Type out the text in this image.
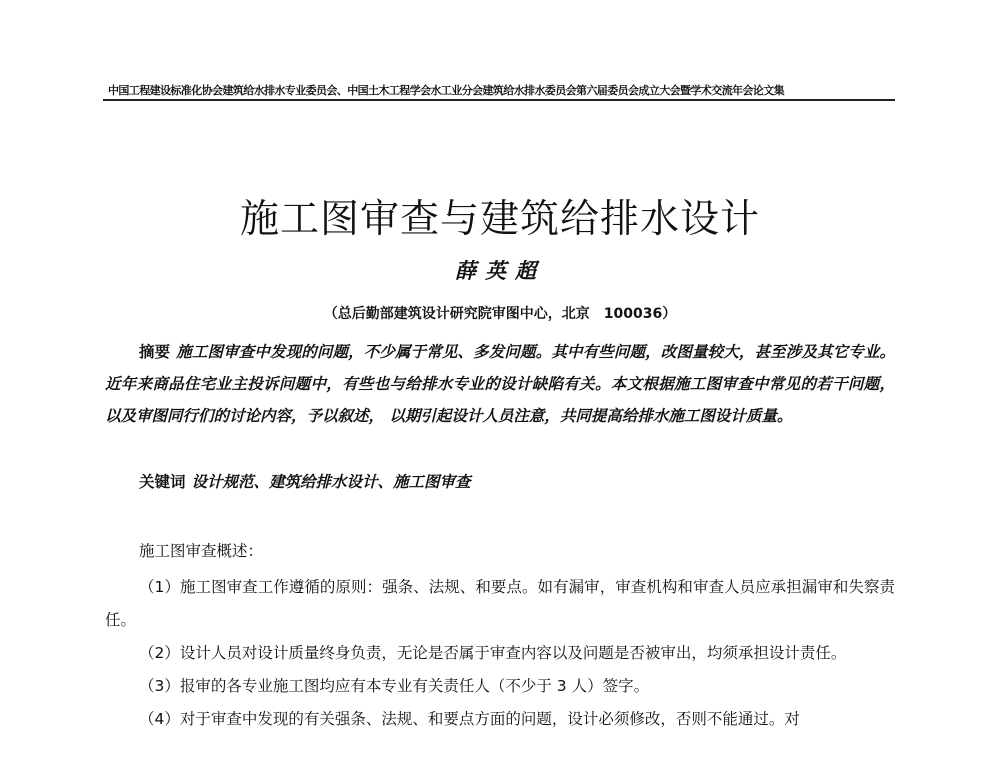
中国工程建设标准化协会建筑给水排水专业委员会、中国土木工程学会水工业分会建筑给水排水委员会第六届委员会成立大会暨学术交流年会论文集
施工图审查与建筑给排水设计
薛英超
（总后勤部建筑设计研究院审图中心，北京　100036）

摘要 施工图审查中发现的问题，不少属于常见、多发问题。其中有些问题，改图量较大，甚至涉及其它专业。近年来商品住宅业主投诉问题中，有些也与给排水专业的设计缺陷有关。本文根据施工图审查中常见的若干问题，以及审图同行们的讨论内容，予以叙述， 以期引起设计人员注意，共同提高给排水施工图设计质量。

关键词 设计规范、建筑给排水设计、施工图审查

施工图审查概述：

（1）施工图审查工作遵循的原则：强条、法规、和要点。如有漏审，审查机构和审查人员应承担漏审和失察责任。

（2）设计人员对设计质量终身负责，无论是否属于审查内容以及问题是否被审出，均须承担设计责任。

（3）报审的各专业施工图均应有本专业有关责任人（不少于 3 人）签字。

（4）对于审查中发现的有关强条、法规、和要点方面的问题，设计必须修改，否则不能通过。对
